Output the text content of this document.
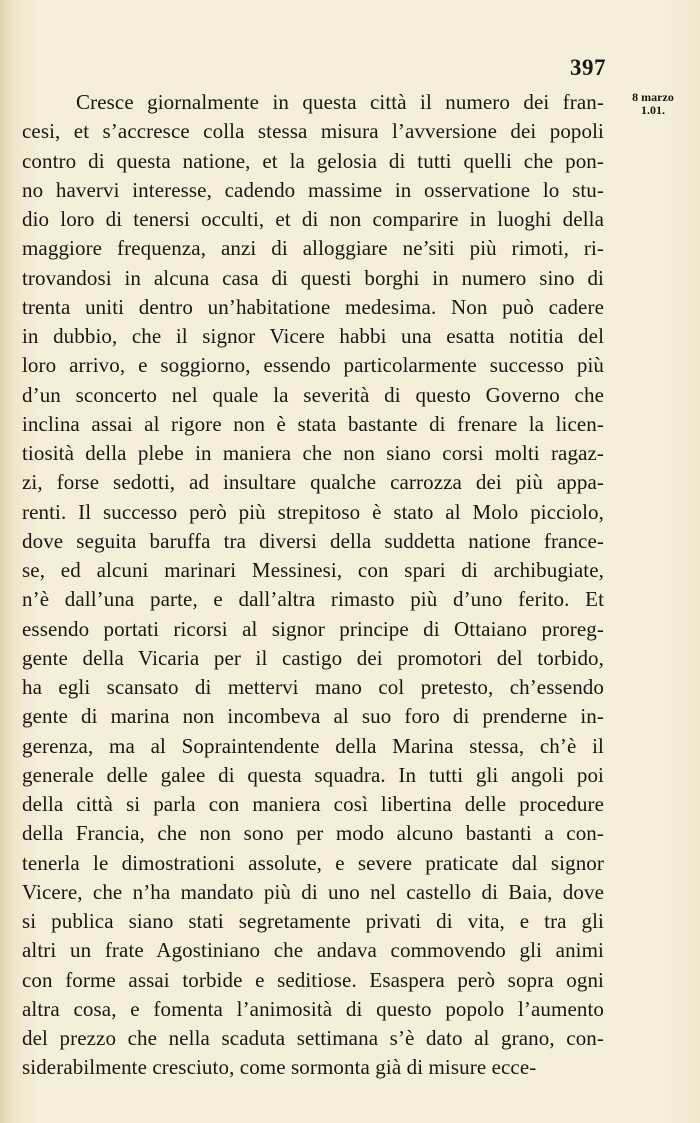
397
8 marzo
1.01.
Cresce giornalmente in questa città il numero dei fran-
cesi, et s’accresce colla stessa misura l’avversione dei popoli
contro di questa natione, et la gelosia di tutti quelli che pon-
no havervi interesse, cadendo massime in osservatione lo stu-
dio loro di tenersi occulti, et di non comparire in luoghi della
maggiore frequenza, anzi di alloggiare ne’siti più rimoti, ri-
trovandosi in alcuna casa di questi borghi in numero sino di
trenta uniti dentro un’habitatione medesima. Non può cadere
in dubbio, che il signor Vicere habbi una esatta notitia del
loro arrivo, e soggiorno, essendo particolarmente successo più
d’un sconcerto nel quale la severità di questo Governo che
inclina assai al rigore non è stata bastante di frenare la licen-
tiosità della plebe in maniera che non siano corsi molti ragaz-
zi, forse sedotti, ad insultare qualche carrozza dei più appa-
renti. Il successo però più strepitoso è stato al Molo picciolo,
dove seguita baruffa tra diversi della suddetta natione france-
se, ed alcuni marinari Messinesi, con spari di archibugiate,
n’è dall’una parte, e dall’altra rimasto più d’uno ferito. Et
essendo portati ricorsi al signor principe di Ottaiano proreg-
gente della Vicaria per il castigo dei promotori del torbido,
ha egli scansato di mettervi mano col pretesto, ch’essendo
gente di marina non incombeva al suo foro di prenderne in-
gerenza, ma al Sopraintendente della Marina stessa, ch’è il
generale delle galee di questa squadra. In tutti gli angoli poi
della città si parla con maniera così libertina delle procedure
della Francia, che non sono per modo alcuno bastanti a con-
tenerla le dimostrationi assolute, e severe praticate dal signor
Vicere, che n’ha mandato più di uno nel castello di Baia, dove
si publica siano stati segretamente privati di vita, e tra gli
altri un frate Agostiniano che andava commovendo gli animi
con forme assai torbide e seditiose. Esaspera però sopra ogni
altra cosa, e fomenta l’animosità di questo popolo l’aumento
del prezzo che nella scaduta settimana s’è dato al grano, con-
siderabilmente cresciuto, come sormonta già di misure ecce-
